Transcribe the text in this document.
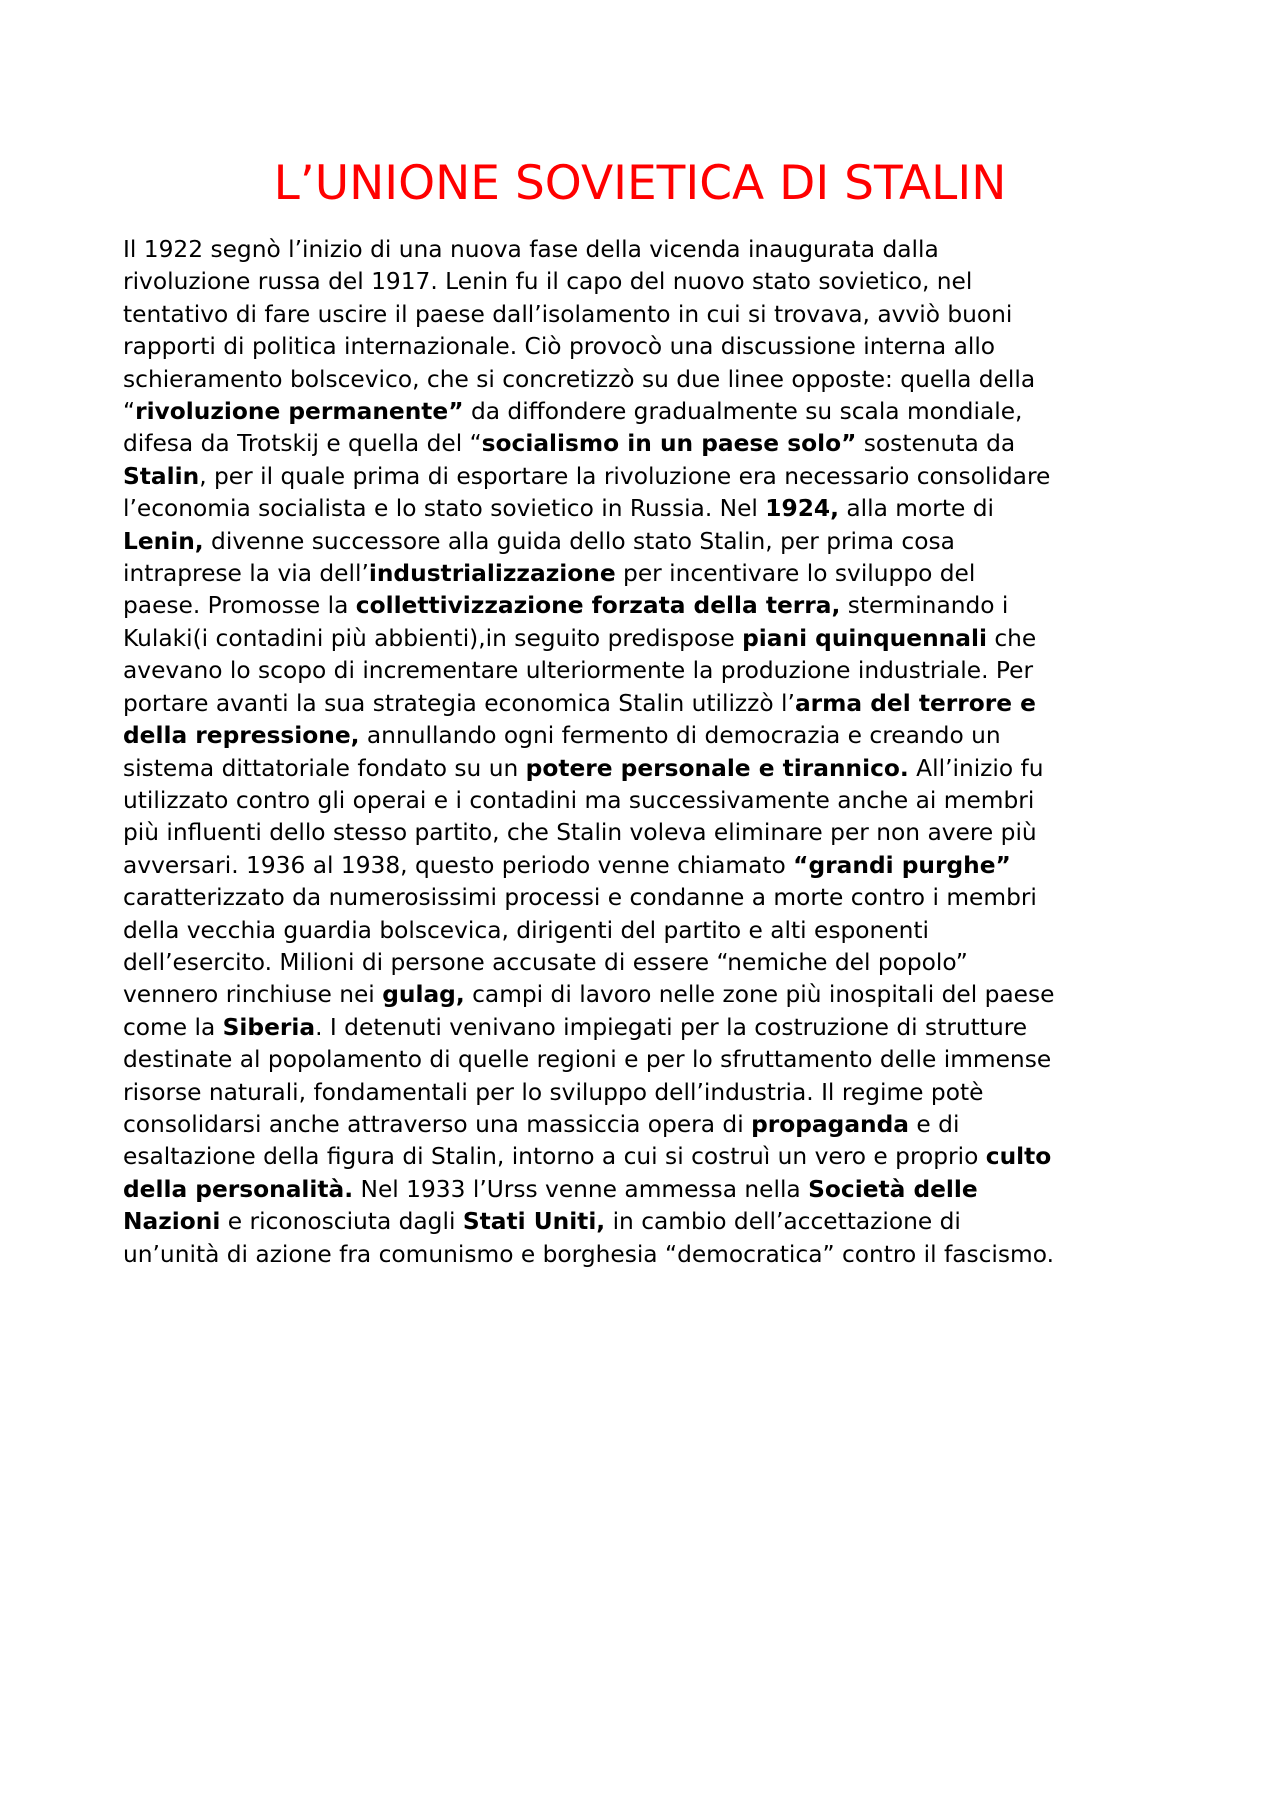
L’UNIONE SOVIETICA DI STALIN

Il 1922 segnò l’inizio di una nuova fase della vicenda inaugurata dalla
rivoluzione russa del 1917. Lenin fu il capo del nuovo stato sovietico, nel
tentativo di fare uscire il paese dall’isolamento in cui si trovava, avviò buoni
rapporti di politica internazionale. Ciò provocò una discussione interna allo
schieramento bolscevico, che si concretizzò su due linee opposte: quella della
“rivoluzione permanente” da diffondere gradualmente su scala mondiale,
difesa da Trotskij e quella del “socialismo in un paese solo” sostenuta da
Stalin, per il quale prima di esportare la rivoluzione era necessario consolidare
l’economia socialista e lo stato sovietico in Russia. Nel 1924, alla morte di
Lenin, divenne successore alla guida dello stato Stalin, per prima cosa
intraprese la via dell’industrializzazione per incentivare lo sviluppo del
paese. Promosse la collettivizzazione forzata della terra, sterminando i
Kulaki(i contadini più abbienti),in seguito predispose piani quinquennali che
avevano lo scopo di incrementare ulteriormente la produzione industriale. Per
portare avanti la sua strategia economica Stalin utilizzò l’arma del terrore e
della repressione, annullando ogni fermento di democrazia e creando un
sistema dittatoriale fondato su un potere personale e tirannico. All’inizio fu
utilizzato contro gli operai e i contadini ma successivamente anche ai membri
più influenti dello stesso partito, che Stalin voleva eliminare per non avere più
avversari. 1936 al 1938, questo periodo venne chiamato “grandi purghe”
caratterizzato da numerosissimi processi e condanne a morte contro i membri
della vecchia guardia bolscevica, dirigenti del partito e alti esponenti
dell’esercito. Milioni di persone accusate di essere “nemiche del popolo”
vennero rinchiuse nei gulag, campi di lavoro nelle zone più inospitali del paese
come la Siberia. I detenuti venivano impiegati per la costruzione di strutture
destinate al popolamento di quelle regioni e per lo sfruttamento delle immense
risorse naturali, fondamentali per lo sviluppo dell’industria. Il regime potè
consolidarsi anche attraverso una massiccia opera di propaganda e di
esaltazione della figura di Stalin, intorno a cui si costruì un vero e proprio culto
della personalità. Nel 1933 l’Urss venne ammessa nella Società delle
Nazioni e riconosciuta dagli Stati Uniti, in cambio dell’accettazione di
un’unità di azione fra comunismo e borghesia “democratica” contro il fascismo.
